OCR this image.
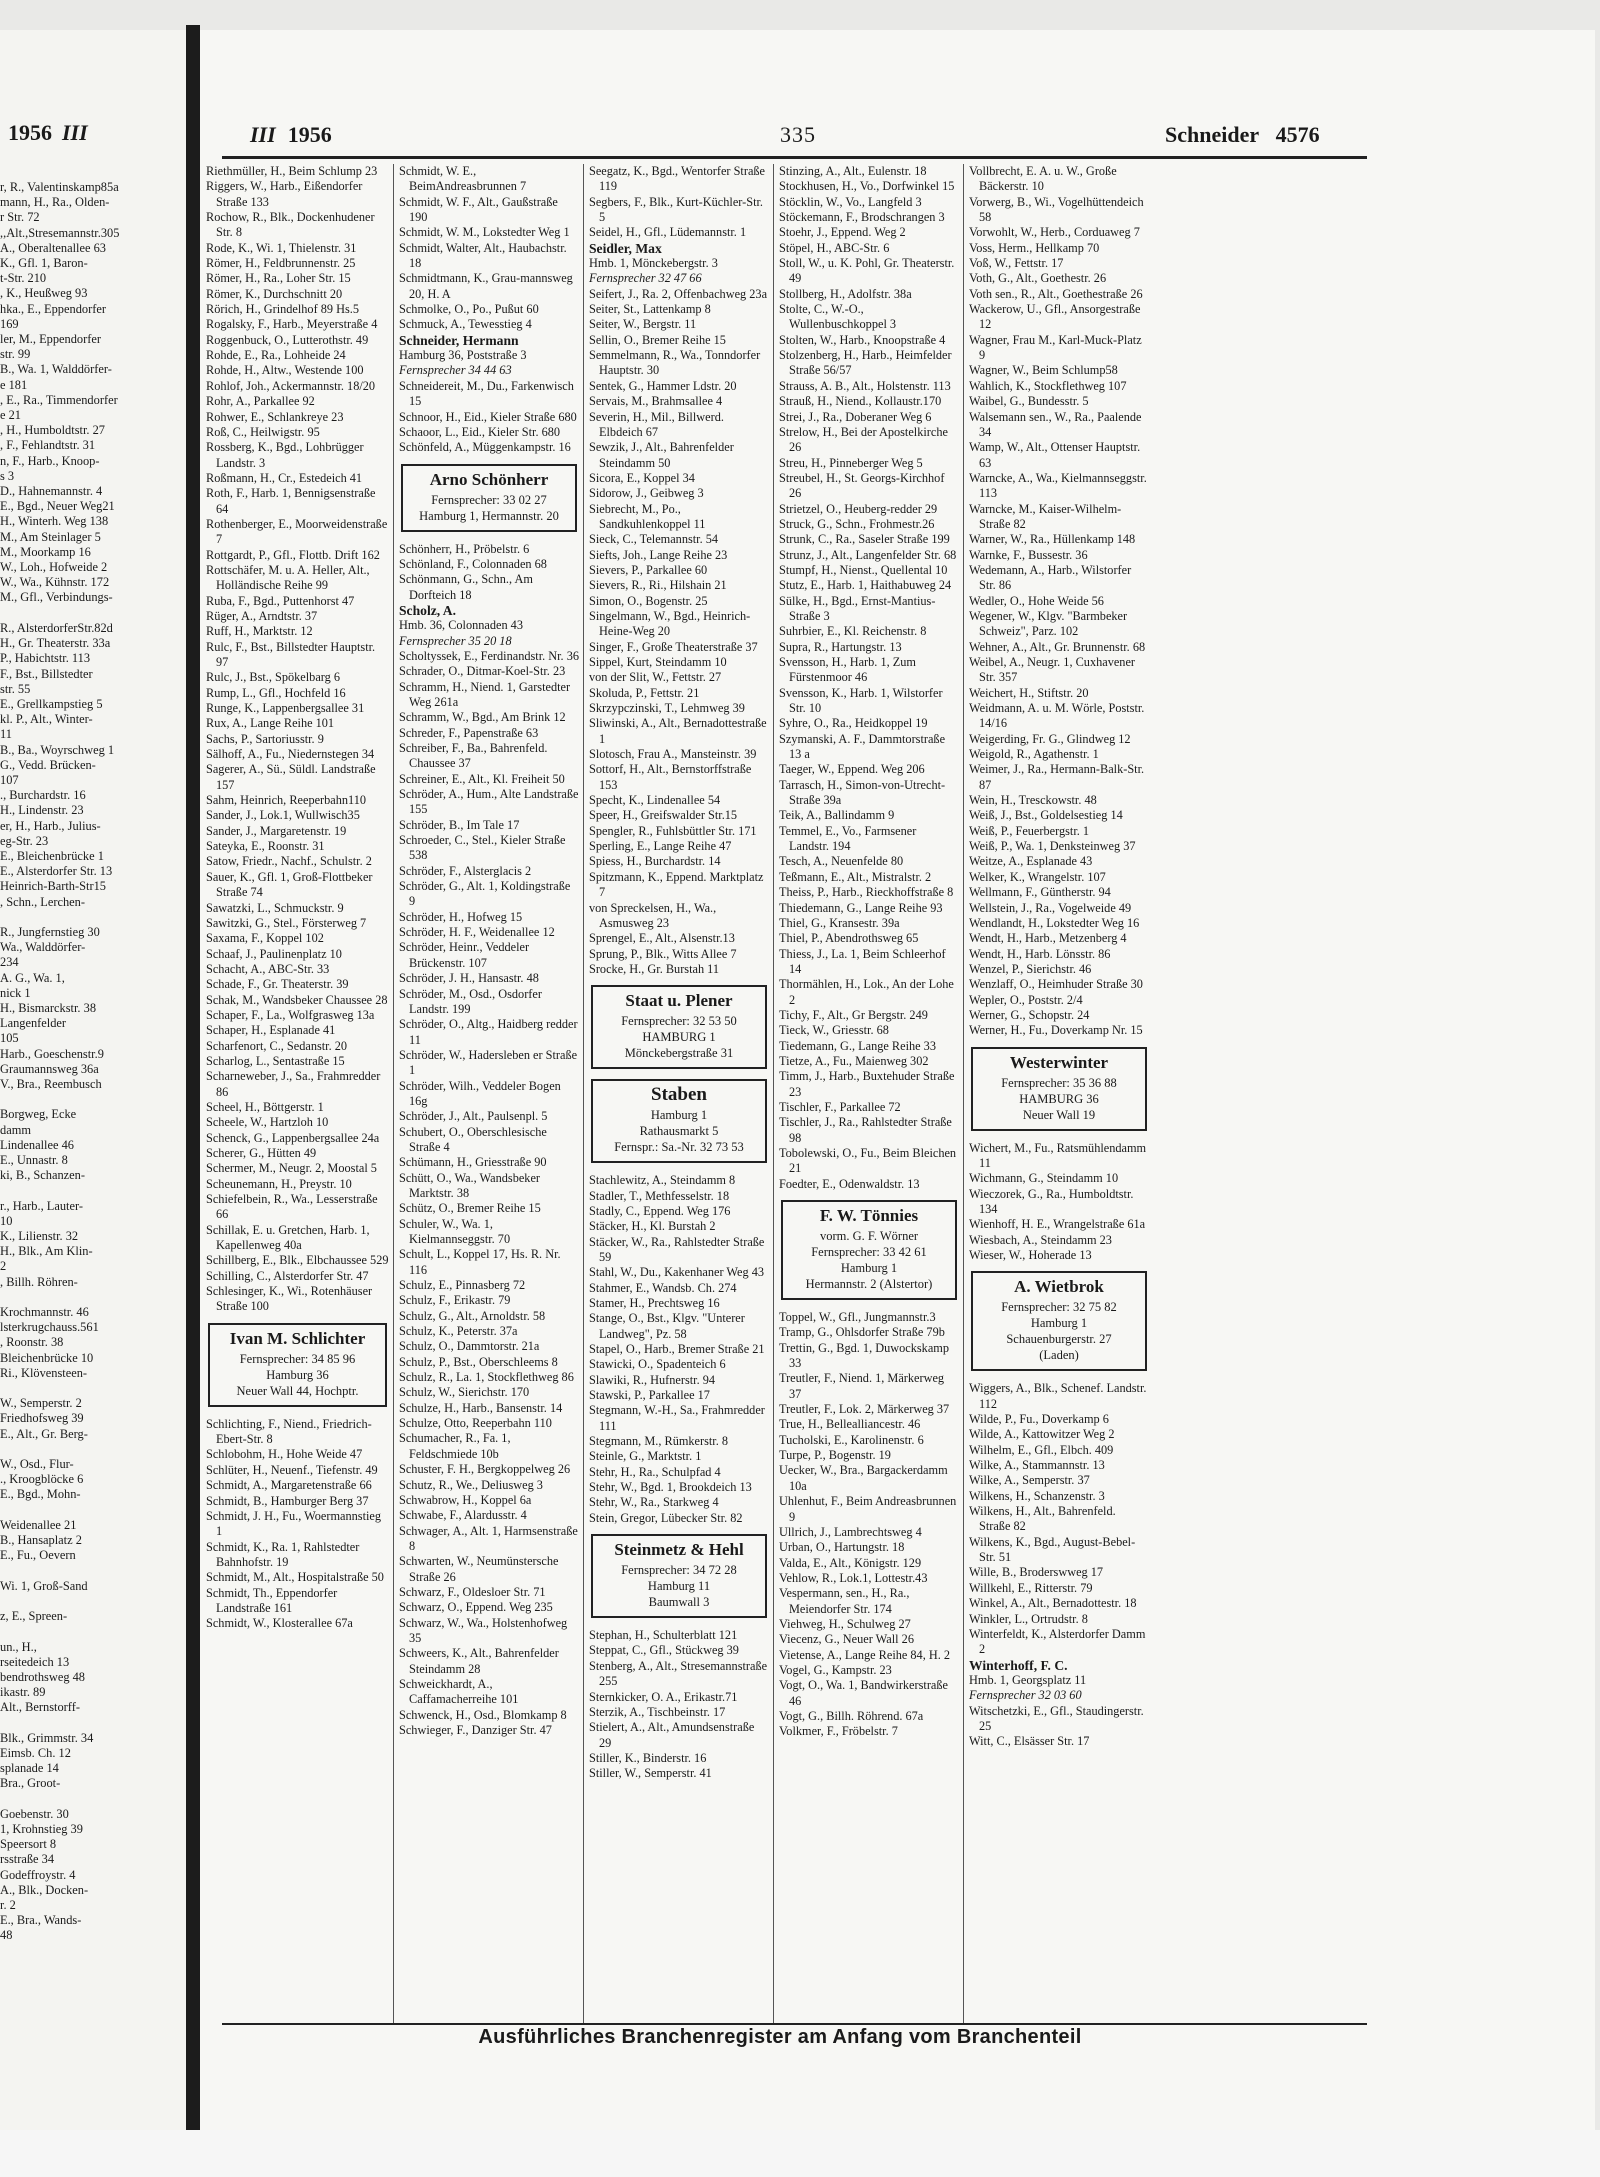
1956 III
r, R., Valentinskamp85a
mann, H., Ra., Olden-
r Str. 72
,,Alt.,Stresemannstr.305
A., Oberaltenallee 63
K., Gfl. 1, Baron-
t-Str. 210
, K., Heußweg 93
hka., E., Eppendorfer
169
ler, M., Eppendorfer
str. 99
B., Wa. 1, Walddörfer-
e 181
, E., Ra., Timmendorfer
e 21
, H., Humboldtstr. 27
, F., Fehlandtstr. 31
n, F., Harb., Knoop-
s 3
D., Hahnemannstr. 4
E., Bgd., Neuer Weg21
H., Winterh. Weg 138
M., Am Steinlager 5
M., Moorkamp 16
W., Loh., Hofweide 2
W., Wa., Kühnstr. 172
M., Gfl., Verbindungs-

R., AlsterdorferStr.82d
H., Gr. Theaterstr. 33a
P., Habichtstr. 113
F., Bst., Billstedter
str. 55
E., Grellkampstieg 5
kl. P., Alt., Winter-
11
B., Ba., Woyrschweg 1
G., Vedd. Brücken-
107
., Burchardstr. 16
H., Lindenstr. 23
er, H., Harb., Julius-
eg-Str. 23
E., Bleichenbrücke 1
E., Alsterdorfer Str. 13
Heinrich-Barth-Str15
, Schn., Lerchen-

R., Jungfernstieg 30
Wa., Walddörfer-
234
A. G., Wa. 1,
nick 1
H., Bismarckstr. 38
Langenfelder
105
Harb., Goeschenstr.9
Graumannsweg 36a
V., Bra., Reembusch

Borgweg, Ecke
damm
Lindenallee 46
E., Unnastr. 8
ki, B., Schanzen-

r., Harb., Lauter-
10
K., Lilienstr. 32
H., Blk., Am Klin-
2
, Billh. Röhren-

Krochmannstr. 46
lsterkrugchauss.561
, Roonstr. 38
Bleichenbrücke 10
Ri., Klövensteen-

W., Semperstr. 2
Friedhofsweg 39
E., Alt., Gr. Berg-

W., Osd., Flur-
., Kroogblöcke 6
E., Bgd., Mohn-

Weidenallee 21
B., Hansaplatz 2
E., Fu., Oevern

Wi. 1, Groß-Sand

z, E., Spreen-

un., H.,
rseitedeich 13
bendrothsweg 48
ikastr. 89
Alt., Bernstorff-

Blk., Grimmstr. 34
Eimsb. Ch. 12
splanade 14
Bra., Groot-

Goebenstr. 30
1, Krohnstieg 39
Speersort 8
rsstraße 34
Godeffroystr. 4
A., Blk., Docken-
r. 2
E., Bra., Wands-
48
III 1956	335	Schneider 4576
Riethmüller, H., Beim Schlump 23
Riggers, W., Harb., Eißendorfer Straße 133
Rochow, R., Blk., Dockenhudener Str. 8
Rode, K., Wi. 1, Thielenstr. 31
Römer, H., Feldbrunnenstr. 25
Römer, H., Ra., Loher Str. 15
Römer, K., Durchschnitt 20
Rörich, H., Grindelhof 89 Hs.5
Rogalsky, F., Harb., Meyerstraße 4
Roggenbuck, O., Lutterothstr. 49
Rohde, E., Ra., Lohheide 24
Rohde, H., Altw., Westende 100
Rohlof, Joh., Ackermannstr. 18/20
Rohr, A., Parkallee 92
Rohwer, E., Schlankreye 23
Roß, C., Heilwigstr. 95
Rossberg, K., Bgd., Lohbrügger Landstr. 3
Roßmann, H., Cr., Estedeich 41
Roth, F., Harb. 1, Bennigsenstraße 64
Rothenberger, E., Moorweidenstraße 7
Rottgardt, P., Gfl., Flottb. Drift 162
Rottschäfer, M. u. A. Heller, Alt., Holländische Reihe 99
Ruba, F., Bgd., Puttenhorst 47
Rüger, A., Arndtstr. 37
Ruff, H., Marktstr. 12
Rulc, F., Bst., Billstedter Hauptstr. 97
Rulc, J., Bst., Spökelbarg 6
Rump, L., Gfl., Hochfeld 16
Runge, K., Lappenbergsallee 31
Rux, A., Lange Reihe 101
Sachs, P., Sartoriusstr. 9
Sälhoff, A., Fu., Niedernstegen 34
Sagerer, A., Sü., Süldl. Landstraße 157
Sahm, Heinrich, Reeperbahn110
Sander, J., Lok.1, Wullwisch35
Sander, J., Margaretenstr. 19
Sateyka, E., Roonstr. 31
Satow, Friedr., Nachf., Schulstr. 2
Sauer, K., Gfl. 1, Groß-Flottbeker Straße 74
Sawatzki, L., Schmuckstr. 9
Sawitzki, G., Stel., Försterweg 7
Saxama, F., Koppel 102
Schaaf, J., Paulinenplatz 10
Schacht, A., ABC-Str. 33
Schade, F., Gr. Theaterstr. 39
Schak, M., Wandsbeker Chaussee 28
Schaper, F., La., Wolfgrasweg 13a
Schaper, H., Esplanade 41
Scharfenort, C., Sedanstr. 20
Scharlog, L., Sentastraße 15
Scharneweber, J., Sa., Frahmredder 86
Scheel, H., Böttgerstr. 1
Scheele, W., Hartzloh 10
Schenck, G., Lappenbergsallee 24a
Scherer, G., Hütten 49
Schermer, M., Neugr. 2, Moostal 5
Scheunemann, H., Preystr. 10
Schiefelbein, R., Wa., Lesserstraße 66
Schillak, E. u. Gretchen, Harb. 1, Kapellenweg 40a
Schillberg, E., Blk., Elbchaussee 529
Schilling, C., Alsterdorfer Str. 47
Schlesinger, K., Wi., Rotenhäuser Straße 100
Ivan M. Schlichter
Fernsprecher: 34 85 96
Hamburg 36
Neuer Wall 44, Hochptr.
Schlichting, F., Niend., Friedrich-Ebert-Str. 8
Schlobohm, H., Hohe Weide 47
Schlüter, H., Neuenf., Tiefenstr. 49
Schmidt, A., Margaretenstraße 66
Schmidt, B., Hamburger Berg 37
Schmidt, J. H., Fu., Woermannstieg 1
Schmidt, K., Ra. 1, Rahlstedter Bahnhofstr. 19
Schmidt, M., Alt., Hospitalstraße 50
Schmidt, Th., Eppendorfer Landstraße 161
Schmidt, W., Klosterallee 67a
Schmidt, W. E., BeimAndreasbrunnen 7
Schmidt, W. F., Alt., Gaußstraße 190
Schmidt, W. M., Lokstedter Weg 1
Schmidt, Walter, Alt., Haubachstr. 18
Schmidtmann, K., Grau-mannsweg 20, H. A
Schmolke, O., Po., Pußut 60
Schmuck, A., Tewesstieg 4
Schneider, Hermann
Hamburg 36, Poststraße 3
Fernsprecher 34 44 63
Schneidereit, M., Du., Farkenwisch 15
Schnoor, H., Eid., Kieler Straße 680
Schaoor, L., Eid., Kieler Str. 680
Schönfeld, A., Müggenkampstr. 16
Arno Schönherr
Fernsprecher: 33 02 27
Hamburg 1, Hermannstr. 20
Schönherr, H., Pröbelstr. 6
Schönland, F., Colonnaden 68
Schönmann, G., Schn., Am Dorfteich 18
Scholz, A.
Hmb. 36, Colonnaden 43
Fernsprecher 35 20 18
Scholtyssek, E., Ferdinandstr. Nr. 36
Schrader, O., Ditmar-Koel-Str. 23
Schramm, H., Niend. 1, Garstedter Weg 261a
Schramm, W., Bgd., Am Brink 12
Schreder, F., Papenstraße 63
Schreiber, F., Ba., Bahrenfeld. Chaussee 37
Schreiner, E., Alt., Kl. Freiheit 50
Schröder, A., Hum., Alte Landstraße 155
Schröder, B., Im Tale 17
Schroeder, C., Stel., Kieler Straße 538
Schröder, F., Alsterglacis 2
Schröder, G., Alt. 1, Koldingstraße 9
Schröder, H., Hofweg 15
Schröder, H. F., Weidenallee 12
Schröder, Heinr., Veddeler Brückenstr. 107
Schröder, J. H., Hansastr. 48
Schröder, M., Osd., Osdorfer Landstr. 199
Schröder, O., Altg., Haidberg redder 11
Schröder, W., Hadersleben er Straße 1
Schröder, Wilh., Veddeler Bogen 16g
Schröder, J., Alt., Paulsenpl. 5
Schubert, O., Oberschlesische Straße 4
Schümann, H., Griesstraße 90
Schütt, O., Wa., Wandsbeker Marktstr. 38
Schütz, O., Bremer Reihe 15
Schuler, W., Wa. 1, Kielmannseggstr. 70
Schult, L., Koppel 17, Hs. R. Nr. 116
Schulz, E., Pinnasberg 72
Schulz, F., Erikastr. 79
Schulz, G., Alt., Arnoldstr. 58
Schulz, K., Peterstr. 37a
Schulz, O., Dammtorstr. 21a
Schulz, P., Bst., Oberschleems 8
Schulz, R., La. 1, Stockflethweg 86
Schulz, W., Sierichstr. 170
Schulze, H., Harb., Bansenstr. 14
Schulze, Otto, Reeperbahn 110
Schumacher, R., Fa. 1, Feldschmiede 10b
Schuster, F. H., Bergkoppelweg 26
Schutz, R., We., Deliusweg 3
Schwabrow, H., Koppel 6a
Schwabe, F., Alardusstr. 4
Schwager, A., Alt. 1, Harmsenstraße 8
Schwarten, W., Neumünstersche Straße 26
Schwarz, F., Oldesloer Str. 71
Schwarz, O., Eppend. Weg 235
Schwarz, W., Wa., Holstenhofweg 35
Schweers, K., Alt., Bahrenfelder Steindamm 28
Schweickhardt, A., Caffamacherreihe 101
Schwenck, H., Osd., Blomkamp 8
Schwieger, F., Danziger Str. 47
Seegatz, K., Bgd., Wentorfer Straße 119
Segbers, F., Blk., Kurt-Küchler-Str. 5
Seidel, H., Gfl., Lüdemannstr. 1
Seidler, Max
Hmb. 1, Mönckebergstr. 3
Fernsprecher 32 47 66
Seifert, J., Ra. 2, Offenbachweg 23a
Seiter, St., Lattenkamp 8
Seiter, W., Bergstr. 11
Sellin, O., Bremer Reihe 15
Semmelmann, R., Wa., Tonndorfer Hauptstr. 30
Sentek, G., Hammer Ldstr. 20
Servais, M., Brahmsallee 4
Severin, H., Mil., Billwerd. Elbdeich 67
Sewzik, J., Alt., Bahrenfelder Steindamm 50
Sicora, E., Koppel 34
Sidorow, J., Geibweg 3
Siebrecht, M., Po., Sandkuhlenkoppel 11
Sieck, C., Telemannstr. 54
Siefts, Joh., Lange Reihe 23
Sievers, P., Parkallee 60
Sievers, R., Ri., Hilshain 21
Simon, O., Bogenstr. 25
Singelmann, W., Bgd., Heinrich-Heine-Weg 20
Singer, F., Große Theaterstraße 37
Sippel, Kurt, Steindamm 10
von der Slit, W., Fettstr. 27
Skoluda, P., Fettstr. 21
Skrzypczinski, T., Lehmweg 39
Sliwinski, A., Alt., Bernadottestraße 1
Slotosch, Frau A., Mansteinstr. 39
Sottorf, H., Alt., Bernstorffstraße 153
Specht, K., Lindenallee 54
Speer, H., Greifswalder Str.15
Spengler, R., Fuhlsbüttler Str. 171
Sperling, E., Lange Reihe 47
Spiess, H., Burchardstr. 14
Spitzmann, K., Eppend. Marktplatz 7
von Spreckelsen, H., Wa., Asmusweg 23
Sprengel, E., Alt., Alsenstr.13
Sprung, P., Blk., Witts Allee 7
Srocke, H., Gr. Burstah 11
Staat u. Plener
Fernsprecher: 32 53 50
HAMBURG 1
Mönckebergstraße 31
Staben
Hamburg 1
Rathausmarkt 5
Fernspr.: Sa.-Nr. 32 73 53
Stachlewitz, A., Steindamm 8
Stadler, T., Methfesselstr. 18
Stadly, C., Eppend. Weg 176
Stäcker, H., Kl. Burstah 2
Stäcker, W., Ra., Rahlstedter Straße 59
Stahl, W., Du., Kakenhaner Weg 43
Stahmer, E., Wandsb. Ch. 274
Stamer, H., Prechtsweg 16
Stange, O., Bst., Klgv. "Unterer Landweg", Pz. 58
Stapel, O., Harb., Bremer Straße 21
Stawicki, O., Spadenteich 6
Slawiki, R., Hufnerstr. 94
Stawski, P., Parkallee 17
Stegmann, W.-H., Sa., Frahmredder 111
Stegmann, M., Rümkerstr. 8
Steinle, G., Marktstr. 1
Stehr, H., Ra., Schulpfad 4
Stehr, W., Bgd. 1, Brookdeich 13
Stehr, W., Ra., Starkweg 4
Stein, Gregor, Lübecker Str. 82
Steinmetz & Hehl
Fernsprecher: 34 72 28
Hamburg 11
Baumwall 3
Stephan, H., Schulterblatt 121
Steppat, C., Gfl., Stückweg 39
Stenberg, A., Alt., Stresemannstraße 255
Sternkicker, O. A., Erikastr.71
Sterzik, A., Tischbeinstr. 17
Stielert, A., Alt., Amundsenstraße 29
Stiller, K., Binderstr. 16
Stiller, W., Semperstr. 41
Stinzing, A., Alt., Eulenstr. 18
Stockhusen, H., Vo., Dorfwinkel 15
Stöcklin, W., Vo., Langfeld 3
Stöckemann, F., Brodschrangen 3
Stoehr, J., Eppend. Weg 2
Stöpel, H., ABC-Str. 6
Stoll, W., u. K. Pohl, Gr. Theaterstr. 49
Stollberg, H., Adolfstr. 38a
Stolte, C., W.-O., Wullenbuschkoppel 3
Stolten, W., Harb., Knoopstraße 4
Stolzenberg, H., Harb., Heimfelder Straße 56/57
Strauss, A. B., Alt., Holstenstr. 113
Strauß, H., Niend., Kollaustr.170
Strei, J., Ra., Doberaner Weg 6
Strelow, H., Bei der Apostelkirche 26
Streu, H., Pinneberger Weg 5
Streubel, H., St. Georgs-Kirchhof 26
Strietzel, O., Heuberg-redder 29
Struck, G., Schn., Frohmestr.26
Strunk, C., Ra., Saseler Straße 199
Strunz, J., Alt., Langenfelder Str. 68
Stumpf, H., Nienst., Quellental 10
Stutz, E., Harb. 1, Haithabuweg 24
Sülke, H., Bgd., Ernst-Mantius-Straße 3
Suhrbier, E., Kl. Reichenstr. 8
Supra, R., Hartungstr. 13
Svensson, H., Harb. 1, Zum Fürstenmoor 46
Svensson, K., Harb. 1, Wilstorfer Str. 10
Syhre, O., Ra., Heidkoppel 19
Szymanski, A. F., Dammtorstraße 13 a
Taeger, W., Eppend. Weg 206
Tarrasch, H., Simon-von-Utrecht-Straße 39a
Teik, A., Ballindamm 9
Temmel, E., Vo., Farmsener Landstr. 194
Tesch, A., Neuenfelde 80
Teßmann, E., Alt., Mistralstr. 2
Theiss, P., Harb., Rieckhoffstraße 8
Thiedemann, G., Lange Reihe 93
Thiel, G., Kransestr. 39a
Thiel, P., Abendrothsweg 65
Thiess, J., La. 1, Beim Schleerhof 14
Thormählen, H., Lok., An der Lohe 2
Tichy, F., Alt., Gr Bergstr. 249
Tieck, W., Griesstr. 68
Tiedemann, G., Lange Reihe 33
Tietze, A., Fu., Maienweg 302
Timm, J., Harb., Buxtehuder Straße 23
Tischler, F., Parkallee 72
Tischler, J., Ra., Rahlstedter Straße 98
Tobolewski, O., Fu., Beim Bleichen 21
Foedter, E., Odenwaldstr. 13
F. W. Tönnies
vorm. G. F. Wörner
Fernsprecher: 33 42 61
Hamburg 1
Hermannstr. 2 (Alstertor)
Toppel, W., Gfl., Jungmannstr.3
Tramp, G., Ohlsdorfer Straße 79b
Trettin, G., Bgd. 1, Duwockskamp 33
Treutler, F., Niend. 1, Märkerweg 37
Treutler, F., Lok. 2, Märkerweg 37
True, H., Bellealliancestr. 46
Tucholski, E., Karolinenstr. 6
Turpe, P., Bogenstr. 19
Uecker, W., Bra., Bargackerdamm 10a
Uhlenhut, F., Beim Andreasbrunnen 9
Ullrich, J., Lambrechtsweg 4
Urban, O., Hartungstr. 18
Valda, E., Alt., Königstr. 129
Vehlow, R., Lok.1, Lottestr.43
Vespermann, sen., H., Ra., Meiendorfer Str. 174
Viehweg, H., Schulweg 27
Viecenz, G., Neuer Wall 26
Vietense, A., Lange Reihe 84, H. 2
Vogel, G., Kampstr. 23
Vogt, O., Wa. 1, Bandwirkerstraße 46
Vogt, G., Billh. Röhrend. 67a
Volkmer, F., Fröbelstr. 7
Vollbrecht, E. A. u. W., Große Bäckerstr. 10
Vorwerg, B., Wi., Vogelhüttendeich 58
Vorwohlt, W., Herb., Corduaweg 7
Voss, Herm., Hellkamp 70
Voß, W., Fettstr. 17
Voth, G., Alt., Goethestr. 26
Voth sen., R., Alt., Goethestraße 26
Wackerow, U., Gfl., Ansorgestraße 12
Wagner, Frau M., Karl-Muck-Platz 9
Wagner, W., Beim Schlump58
Wahlich, K., Stockflethweg 107
Waibel, G., Bundesstr. 5
Walsemann sen., W., Ra., Paalende 34
Wamp, W., Alt., Ottenser Hauptstr. 63
Warncke, A., Wa., Kielmannseggstr. 113
Warncke, M., Kaiser-Wilhelm-Straße 82
Warner, W., Ra., Hüllenkamp 148
Warnke, F., Bussestr. 36
Wedemann, A., Harb., Wilstorfer Str. 86
Wedler, O., Hohe Weide 56
Wegener, W., Klgv. "Barmbeker Schweiz", Parz. 102
Wehner, A., Alt., Gr. Brunnenstr. 68
Weibel, A., Neugr. 1, Cuxhavener Str. 357
Weichert, H., Stiftstr. 20
Weidmann, A. u. M. Wörle, Poststr. 14/16
Weigerding, Fr. G., Glindweg 12
Weigold, R., Agathenstr. 1
Weimer, J., Ra., Hermann-Balk-Str. 87
Wein, H., Tresckowstr. 48
Weiß, J., Bst., Goldelsestieg 14
Weiß, P., Feuerbergstr. 1
Weiß, P., Wa. 1, Denksteinweg 37
Weitze, A., Esplanade 43
Welker, K., Wrangelstr. 107
Wellmann, F., Güntherstr. 94
Wellstein, J., Ra., Vogelweide 49
Wendlandt, H., Lokstedter Weg 16
Wendt, H., Harb., Metzenberg 4
Wendt, H., Harb. Lönsstr. 86
Wenzel, P., Sierichstr. 46
Wenzlaff, O., Heimhuder Straße 30
Wepler, O., Poststr. 2/4
Werner, G., Schopstr. 24
Werner, H., Fu., Doverkamp Nr. 15
Westerwinter
Fernsprecher: 35 36 88
HAMBURG 36
Neuer Wall 19
Wichert, M., Fu., Ratsmühlendamm 11
Wichmann, G., Steindamm 10
Wieczorek, G., Ra., Humboldtstr. 134
Wienhoff, H. E., Wrangelstraße 61a
Wiesbach, A., Steindamm 23
Wieser, W., Hoherade 13
A. Wietbrok
Fernsprecher: 32 75 82
Hamburg 1
Schauenburgerstr. 27
(Laden)
Wiggers, A., Blk., Schenef. Landstr. 112
Wilde, P., Fu., Doverkamp 6
Wilde, A., Kattowitzer Weg 2
Wilhelm, E., Gfl., Elbch. 409
Wilke, A., Stammannstr. 13
Wilke, A., Semperstr. 37
Wilkens, H., Schanzenstr. 3
Wilkens, H., Alt., Bahrenfeld. Straße 82
Wilkens, K., Bgd., August-Bebel-Str. 51
Wille, B., Broderswweg 17
Willkehl, E., Ritterstr. 79
Winkel, A., Alt., Bernadottestr. 18
Winkler, L., Ortrudstr. 8
Winterfeldt, K., Alsterdorfer Damm 2
Winterhoff, F. C.
Hmb. 1, Georgsplatz 11
Fernsprecher 32 03 60
Witschetzki, E., Gfl., Staudingerstr. 25
Witt, C., Elsässer Str. 17
Ausführliches Branchenregister am Anfang vom Branchenteil
